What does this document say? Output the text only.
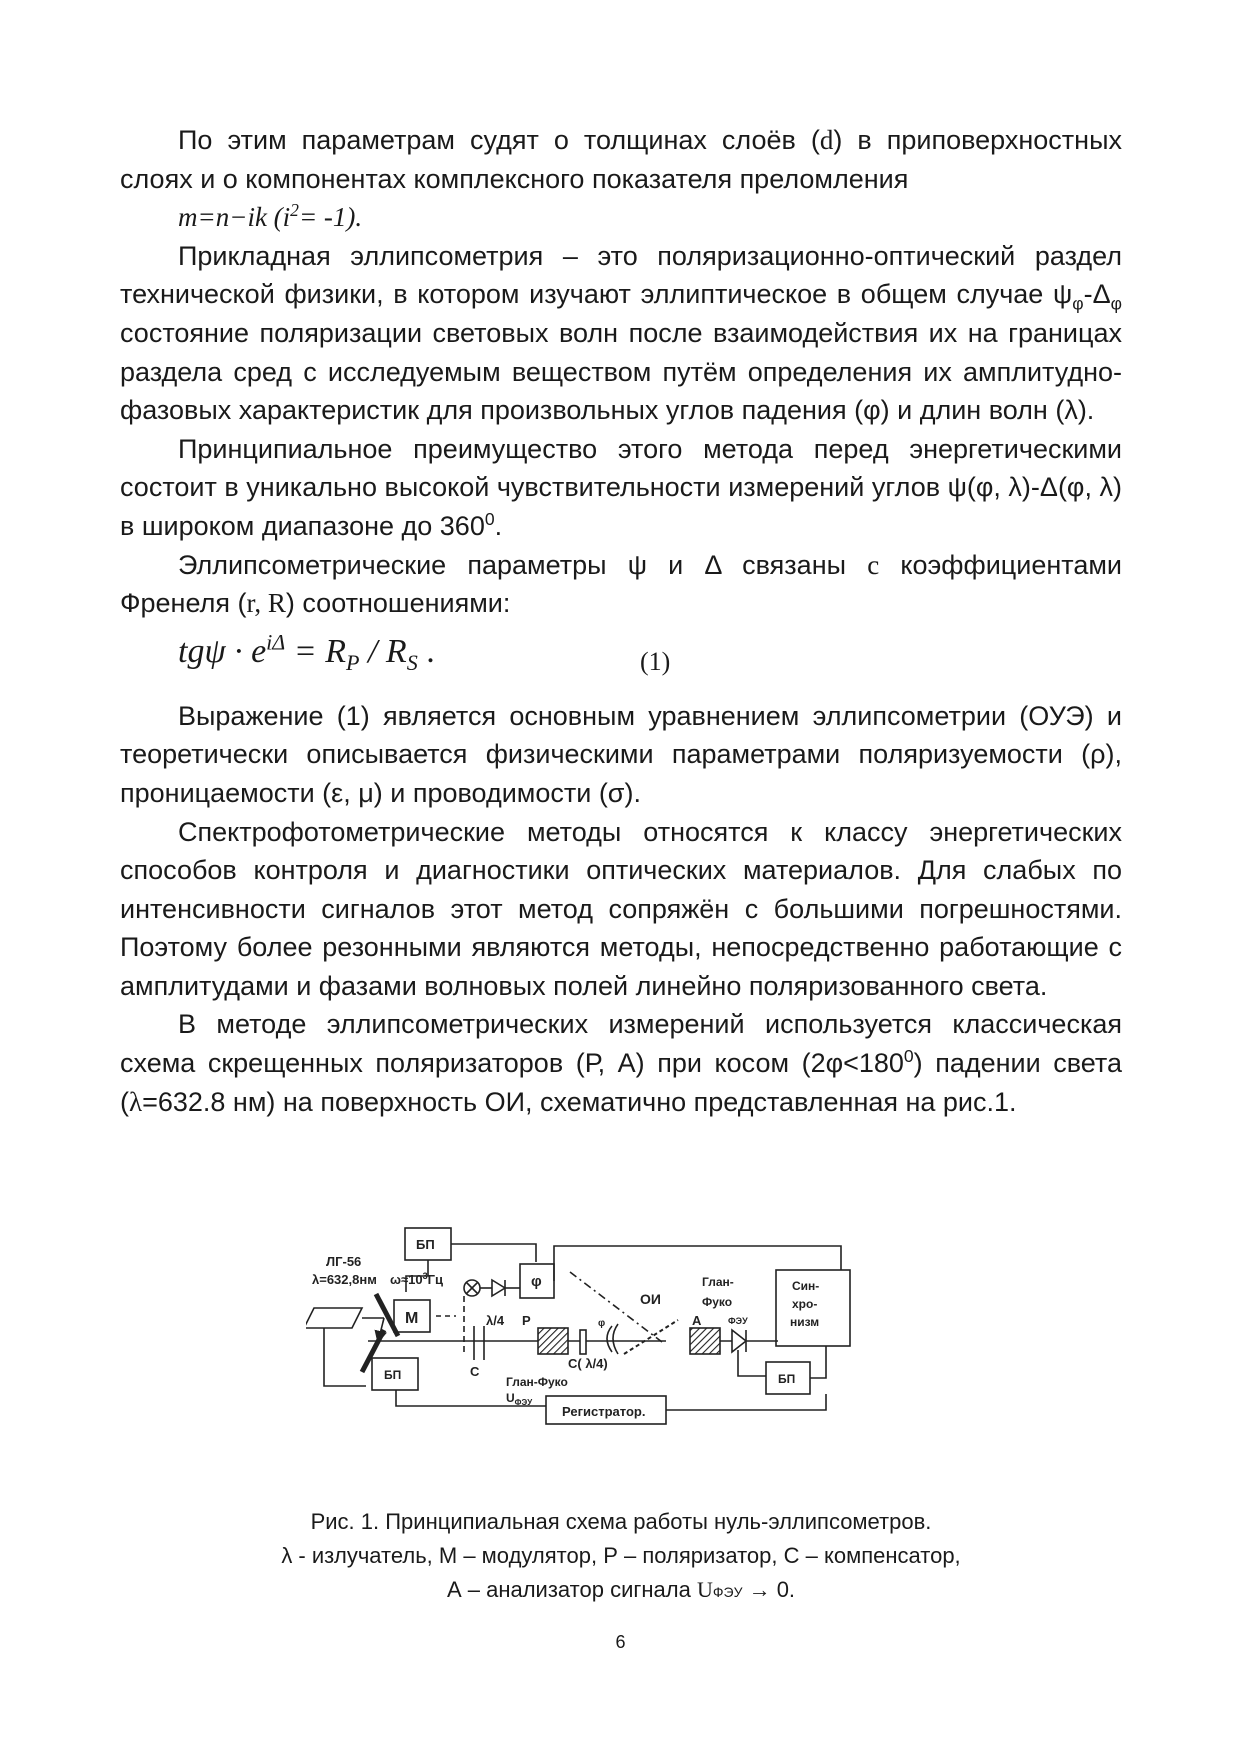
По этим параметрам судят о толщинах слоёв (d) в приповерхностных слоях и о компонентах комплексного показателя преломления

m=n−ik $(i^2= -1)$.

Прикладная эллипсометрия – это поляризационно-оптический раздел технической физики, в котором изучают эллиптическое в общем случае $\psi_\varphi-\Delta_\varphi$ состояние поляризации световых волн после взаимодействия их на границах раздела сред с исследуемым веществом путём определения их амплитудно-фазовых характеристик для произвольных углов падения (φ) и длин волн (λ).

Принципиальное преимущество этого метода перед энергетическими состоит в уникально высокой чувствительности измерений углов ψ(φ, λ)-Δ(φ, λ) в широком диапазоне до $360^0$.

Эллипсометрические параметры ψ и Δ связаны с коэффициентами Френеля (r, R) соотношениями:

$tg\psi \cdot e^{i\Delta} = R_P / R_S$ .	(1)

Выражение (1) является основным уравнением эллипсометрии (ОУЭ) и теоретически описывается физическими параметрами поляризуемости (ρ), проницаемости (ε, μ) и проводимости (σ).

Спектрофотометрические методы относятся к классу энергетических способов контроля и диагностики оптических материалов. Для слабых по интенсивности сигналов этот метод сопряжён с большими погрешностями. Поэтому более резонными являются методы, непосредственно работающие с амплитудами и фазами волновых полей линейно поляризованного света.

В методе эллипсометрических измерений используется классическая схема скрещенных поляризаторов (Р, А) при косом $(2\varphi<180^0)$ падении света (λ=632.8 нм) на поверхность ОИ, схематично представленная на рис.1.

БП
ЛГ-56
λ=632,8нм $\omega\approx 10^3Гц$
М
φ
λ/4 Р
С
С( λ/4)
φ
ОИ
Глан-
Фуко
А	ФЭУ
Син-
хро-
низм
БП
БП	Глан-Фуко
$U_{ФЭУ}$
Регистратор.
Рис. 1. Принципиальная схема работы нуль-эллипсометров.
λ - излучатель, М – модулятор, Р – поляризатор, С – компенсатор,
А – анализатор сигнала UФЭУ → 0.
6
